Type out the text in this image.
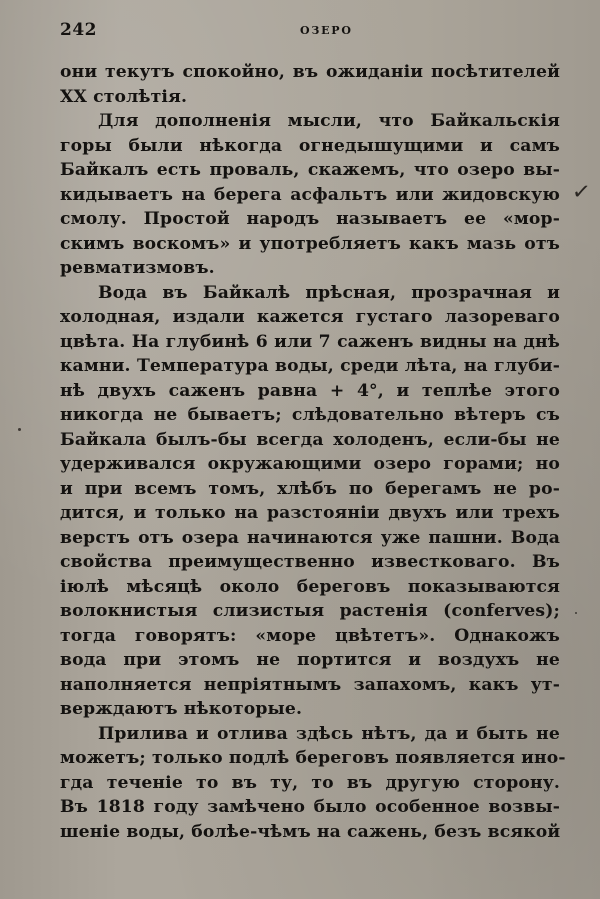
242	ОЗЕРО
они текутъ спокойно, въ ожиданіи посѣтителей
XX столѣтія.
Для дополненія мысли, что Байкальскія
горы были нѣкогда огнедышущими и самъ
Байкалъ есть проваль, скажемъ, что озеро вы-
кидываетъ на берега асфальтъ или жидовскую
смолу. Простой народъ называетъ ее «мор-
скимъ воскомъ» и употребляетъ какъ мазь отъ
ревматизмовъ.
Вода въ Байкалѣ прѣсная, прозрачная и
холодная, издали кажется густаго лазореваго
цвѣта. На глубинѣ 6 или 7 саженъ видны на днѣ
камни. Температура воды, среди лѣта, на глуби-
нѣ двухъ саженъ равна + 4°, и теплѣе этого
никогда не бываетъ; слѣдовательно вѣтеръ съ
Байкала былъ-бы всегда холоденъ, если-бы не
удерживался окружающими озеро горами; но
и при всемъ томъ, хлѣбъ по берегамъ не ро-
дится, и только на разстояніи двухъ или трехъ
верстъ отъ озера начинаются уже пашни. Вода
свойства преимущественно известковаго. Въ
іюлѣ мѣсяцѣ около береговъ показываются
волокнистыя слизистыя растенія (conferves);
тогда говорятъ: «море цвѣтетъ». Однакожъ
вода при этомъ не портится и воздухъ не
наполняется непріятнымъ запахомъ, какъ ут-
верждаютъ нѣкоторые.
Прилива и отлива здѣсь нѣтъ, да и быть не
можетъ; только подлѣ береговъ появляется ино-
гда теченіе то въ ту, то въ другую сторону.
Въ 1818 году замѣчено было особенное возвы-
шеніе воды, болѣе-чѣмъ на сажень, безъ всякой
✓
